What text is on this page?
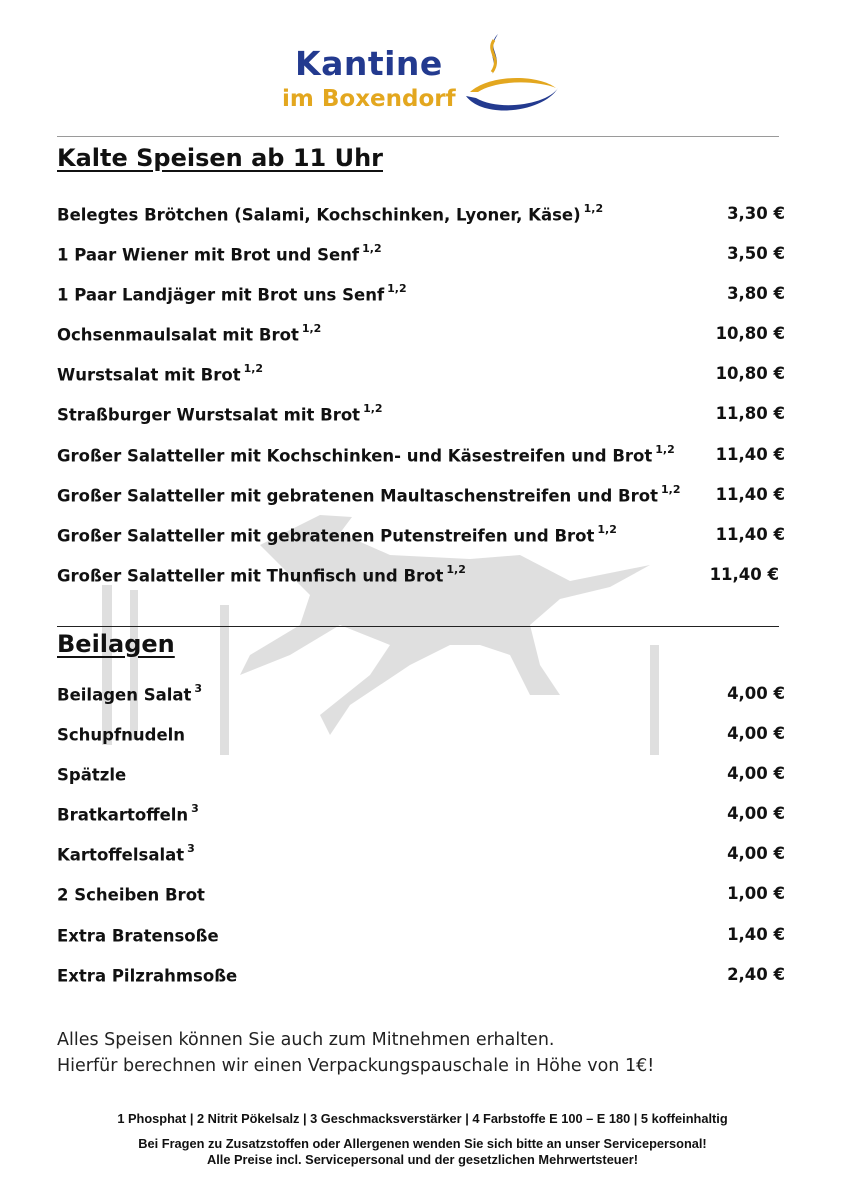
Kantine
im Boxendorf
Kalte Speisen ab 11 Uhr
Belegtes Brötchen (Salami, Kochschinken, Lyoner, Käse) $^{1,2}$	3,30 €
1 Paar Wiener mit Brot und Senf $^{1,2}$	3,50 €
1 Paar Landjäger mit Brot uns Senf $^{1,2}$	3,80 €
Ochsenmaulsalat mit Brot $^{1,2}$	10,80 €
Wurstsalat mit Brot $^{1,2}$	10,80 €
Straßburger Wurstsalat mit Brot $^{1,2}$	11,80 €
Großer Salatteller mit Kochschinken- und Käsestreifen und Brot $^{1,2}$ 11,40 €
Großer Salatteller mit gebratenen Maultaschenstreifen und Brot $^{1,2}$ 11,40 €
Großer Salatteller mit gebratenen Putenstreifen und Brot $^{1,2}$	11,40 €
Großer Salatteller mit Thunfisch und Brot $^{1,2}$	11,40 €
Beilagen
Beilagen Salat $^3$	4,00 €
Schupfnudeln	4,00 €
Spätzle	4,00 €
Bratkartoffeln $^3$	4,00 €
Kartoffelsalat $^3$	4,00 €
2 Scheiben Brot	1,00 €
Extra Bratensoße	1,40 €
Extra Pilzrahmsoße	2,40 €
Alles Speisen können Sie auch zum Mitnehmen erhalten.
Hierfür berechnen wir einen Verpackungspauschale in Höhe von 1€!
1 Phosphat | 2 Nitrit Pökelsalz | 3 Geschmacksverstärker | 4 Farbstoffe E 100 – E 180 | 5 koffeinhaltig
Bei Fragen zu Zusatzstoffen oder Allergenen wenden Sie sich bitte an unser Servicepersonal!
Alle Preise incl. Servicepersonal und der gesetzlichen Mehrwertsteuer!
